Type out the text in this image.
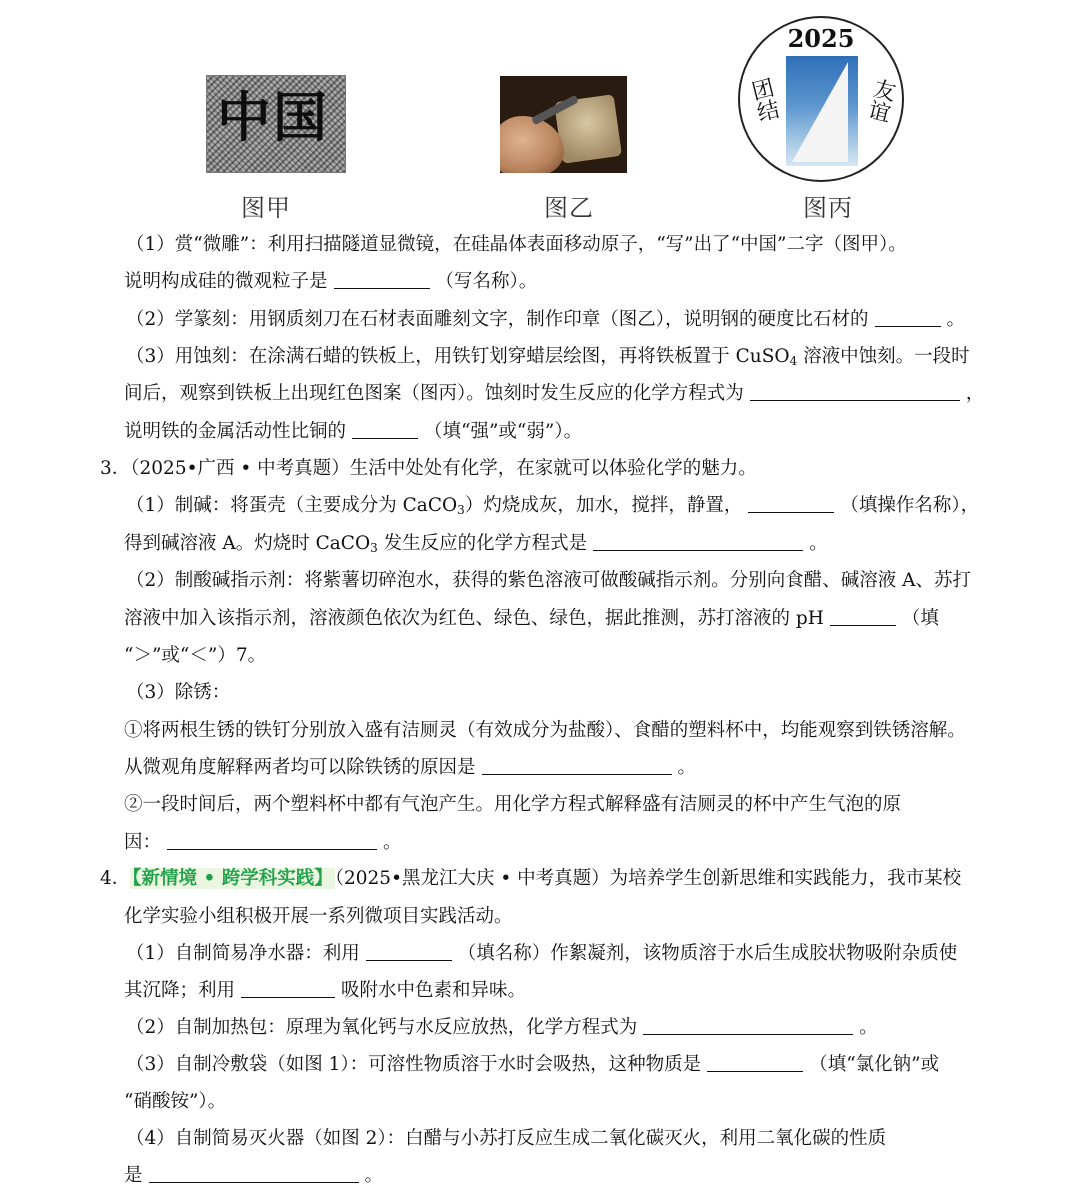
中国
图甲	图乙
2025
团结	友谊
图丙
（1）赏“微雕”：利用扫描隧道显微镜，在硅晶体表面移动原子，“写”出了“中国”二字（图甲）。
说明构成硅的微观粒子是	（写名称）。
（2）学篆刻：用钢质刻刀在石材表面雕刻文字，制作印章（图乙），说明钢的硬度比石材的	。
（3）用蚀刻：在涂满石蜡的铁板上，用铁钉划穿蜡层绘图，再将铁板置于 CuSO$_4$ 溶液中蚀刻。一段时
间后，观察到铁板上出现红色图案（图丙）。蚀刻时发生反应的化学方程式为	，
说明铁的金属活动性比铜的	（填“强”或“弱”）。
3．（2025•广西 • 中考真题）生活中处处有化学，在家就可以体验化学的魅力。
（1）制碱：将蛋壳（主要成分为 CaCO$_3$）灼烧成灰，加水，搅拌，静置，	（填操作名称），
得到碱溶液 A。灼烧时 CaCO$_3$ 发生反应的化学方程式是	。
（2）制酸碱指示剂：将紫薯切碎泡水，获得的紫色溶液可做酸碱指示剂。分别向食醋、碱溶液 A、苏打
溶液中加入该指示剂，溶液颜色依次为红色、绿色、绿色，据此推测，苏打溶液的 pH	（填
“＞”或“＜”）7。
（3）除锈：
①将两根生锈的铁钉分别放入盛有洁厕灵（有效成分为盐酸）、食醋的塑料杯中，均能观察到铁锈溶解。
从微观角度解释两者均可以除铁锈的原因是	。
②一段时间后，两个塑料杯中都有气泡产生。用化学方程式解释盛有洁厕灵的杯中产生气泡的原
因：	。
4． 【新情境 • 跨学科实践】 （2025•黑龙江大庆 • 中考真题）为培养学生创新思维和实践能力，我市某校
化学实验小组积极开展一系列微项目实践活动。
（1）自制简易净水器：利用	（填名称）作絮凝剂，该物质溶于水后生成胶状物吸附杂质使
其沉降；利用	吸附水中色素和异味。
（2）自制加热包：原理为氧化钙与水反应放热，化学方程式为	。
（3）自制冷敷袋（如图 1）：可溶性物质溶于水时会吸热，这种物质是	（填“氯化钠”或
“硝酸铵”）。
（4）自制简易灭火器（如图 2）：白醋与小苏打反应生成二氧化碳灭火，利用二氧化碳的性质
是	。
